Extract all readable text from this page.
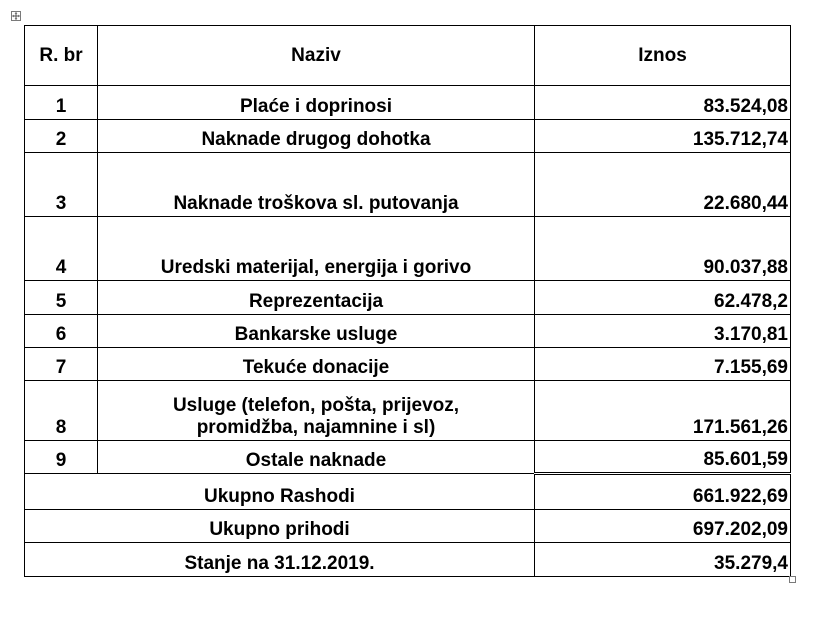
R. br	Naziv	Iznos
1	Plaće i doprinosi	83.524,08
2	Naknade drugog dohotka	135.712,74
3	Naknade troškova sl. putovanja	22.680,44
4	Uredski materijal, energija i gorivo	90.037,88
5	Reprezentacija	62.478,2
6	Bankarske usluge	3.170,81
7	Tekuće donacije	7.155,69
8	Usluge (telefon, pošta, prijevoz,
promidžba, najamnine i sl)	171.561,26
9	Ostale naknade	85.601,59
Ukupno Rashodi		661.922,69
Ukupno prihodi		697.202,09
Stanje na 31.12.2019.		35.279,4
